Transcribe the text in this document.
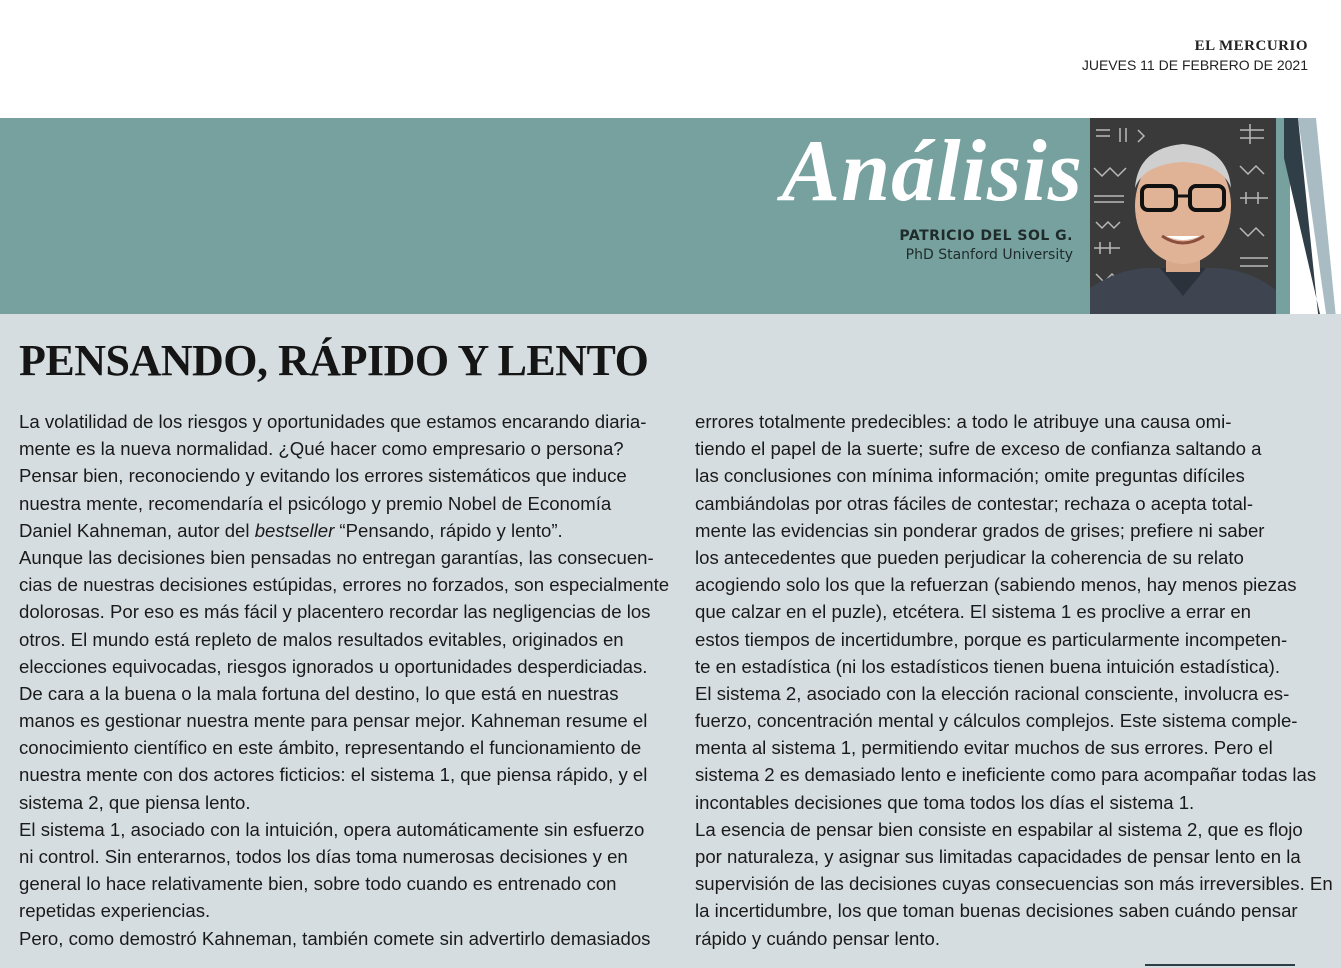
EL MERCURIO
JUEVES 11 DE FEBRERO DE 2021
Análisis
PATRICIO DEL SOL G.
PhD Stanford University
PENSANDO, RÁPIDO Y LENTO
La volatilidad de los riesgos y oportunidades que estamos encarando diaria-
mente es la nueva normalidad. ¿Qué hacer como empresario o persona?
Pensar bien, reconociendo y evitando los errores sistemáticos que induce
nuestra mente, recomendaría el psicólogo y premio Nobel de Economía
Daniel Kahneman, autor del bestseller “Pensando, rápido y lento”.
Aunque las decisiones bien pensadas no entregan garantías, las consecuen-
cias de nuestras decisiones estúpidas, errores no forzados, son especialmente
dolorosas. Por eso es más fácil y placentero recordar las negligencias de los
otros. El mundo está repleto de malos resultados evitables, originados en
elecciones equivocadas, riesgos ignorados u oportunidades desperdiciadas.
De cara a la buena o la mala fortuna del destino, lo que está en nuestras
manos es gestionar nuestra mente para pensar mejor. Kahneman resume el
conocimiento científico en este ámbito, representando el funcionamiento de
nuestra mente con dos actores ficticios: el sistema 1, que piensa rápido, y el
sistema 2, que piensa lento.
El sistema 1, asociado con la intuición, opera automáticamente sin esfuerzo
ni control. Sin enterarnos, todos los días toma numerosas decisiones y en
general lo hace relativamente bien, sobre todo cuando es entrenado con
repetidas experiencias.
Pero, como demostró Kahneman, también comete sin advertirlo demasiados
errores totalmente predecibles: a todo le atribuye una causa omi-
tiendo el papel de la suerte; sufre de exceso de confianza saltando a
las conclusiones con mínima información; omite preguntas difíciles
cambiándolas por otras fáciles de contestar; rechaza o acepta total-
mente las evidencias sin ponderar grados de grises; prefiere ni saber
los antecedentes que pueden perjudicar la coherencia de su relato
acogiendo solo los que la refuerzan (sabiendo menos, hay menos piezas
que calzar en el puzle), etcétera. El sistema 1 es proclive a errar en
estos tiempos de incertidumbre, porque es particularmente incompeten-
te en estadística (ni los estadísticos tienen buena intuición estadística).
El sistema 2, asociado con la elección racional consciente, involucra es-
fuerzo, concentración mental y cálculos complejos. Este sistema comple-
menta al sistema 1, permitiendo evitar muchos de sus errores. Pero el
sistema 2 es demasiado lento e ineficiente como para acompañar todas las
incontables decisiones que toma todos los días el sistema 1.
La esencia de pensar bien consiste en espabilar al sistema 2, que es flojo
por naturaleza, y asignar sus limitadas capacidades de pensar lento en la
supervisión de las decisiones cuyas consecuencias son más irreversibles. En
la incertidumbre, los que toman buenas decisiones saben cuándo pensar
rápido y cuándo pensar lento.
